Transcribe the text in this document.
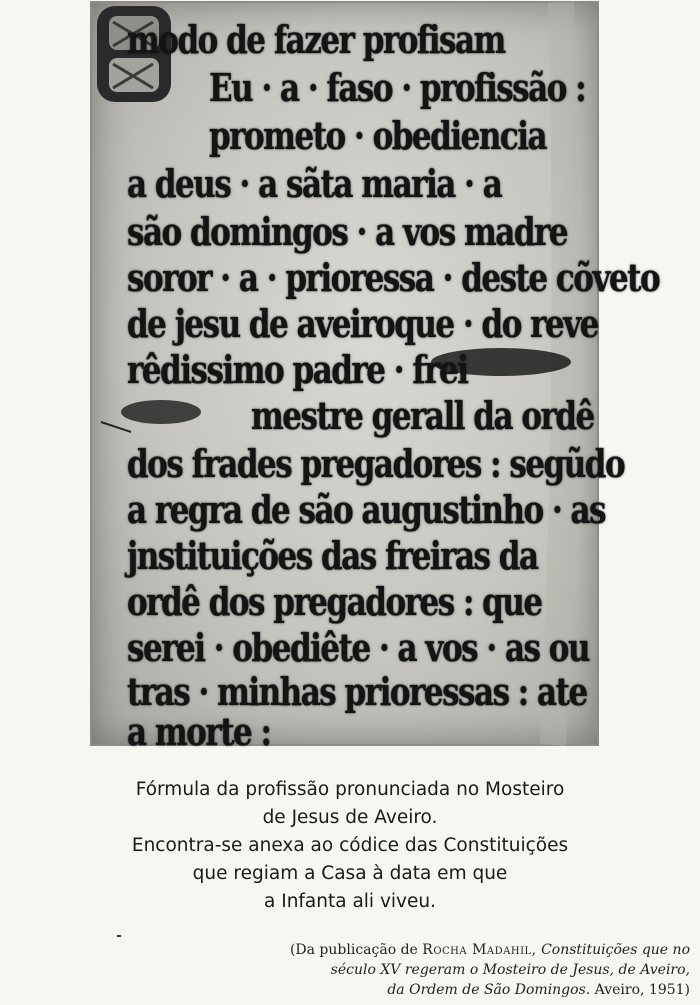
modo de fazer profisam

Eu · a · faso · profissão :

prometo · obediencia

a deus · a sãta maria · a

são domingos · a vos madre

soror · a · prioressa · deste cõveto

de jesu de aveiroque · do reve

rêdissimo padre · frei

mestre gerall da ordê

dos frades pregadores : segũdo

a regra de são augustinho · as

jnstituições das freiras da

ordê dos pregadores : que

serei · obediête · a vos · as ou

tras · minhas prioressas : ate

a morte :

Fórmula da profissão pronunciada no Mosteiro
de Jesus de Aveiro.
Encontra-se anexa ao códice das Constituições
que regiam a Casa à data em que
a Infanta ali viveu.
(Da publicação de Rocha Madahil, Constituições que no
século XV regeram o Mosteiro de Jesus, de Aveiro,
da Ordem de São Domingos. Aveiro, 1951)
